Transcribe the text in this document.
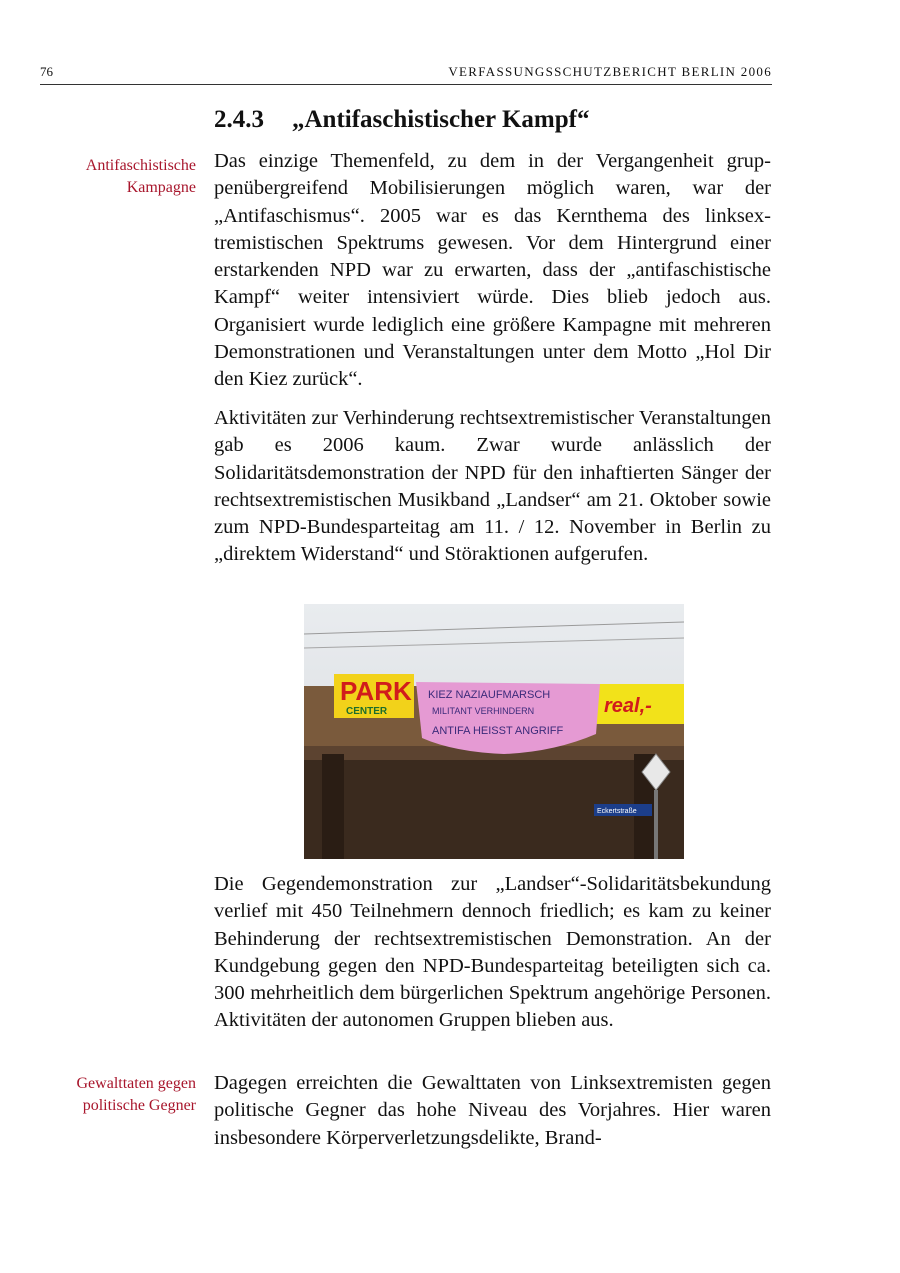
76	VERFASSUNGSSCHUTZBERICHT BERLIN 2006
2.4.3 „Antifaschistischer Kampf“
Antifaschistische
Kampagne

Das einzige Themenfeld, zu dem in der Vergangenheit gruppenübergreifend Mobilisierungen möglich waren, war der „Antifaschismus“. 2005 war es das Kernthema des linksextremistischen Spektrums gewesen. Vor dem Hintergrund einer erstarkenden NPD war zu erwarten, dass der „antifaschistische Kampf“ weiter intensiviert würde. Dies blieb jedoch aus. Organisiert wurde lediglich eine größere Kampagne mit mehreren Demonstrationen und Veranstaltungen unter dem Motto „Hol Dir den Kiez zurück“.

Aktivitäten zur Verhinderung rechtsextremistischer Veranstaltungen gab es 2006 kaum. Zwar wurde anlässlich der Solidaritätsdemonstration der NPD für den inhaftierten Sänger der rechtsextremistischen Musikband „Landser“ am 21. Oktober sowie zum NPD-Bundesparteitag am 11. / 12. November in Berlin zu „direktem Widerstand“ und Störaktionen aufgerufen.

PARK
CENTER	real,-
KIEZ NAZIAUFMARSCH
MILITANT VERHINDERN
ANTIFA HEISST ANGRIFF
Eckertstraße

Die Gegendemonstration zur „Landser“-Solidaritätsbekundung verlief mit 450 Teilnehmern dennoch friedlich; es kam zu keiner Behinderung der rechtsextremistischen Demonstration. An der Kundgebung gegen den NPD-Bundesparteitag beteiligten sich ca. 300 mehrheitlich dem bürgerlichen Spektrum angehörige Personen. Aktivitäten der autonomen Gruppen blieben aus.

Gewalttaten gegen
politische Gegner

Dagegen erreichten die Gewalttaten von Linksextremisten gegen politische Gegner das hohe Niveau des Vorjahres. Hier waren insbesondere Körperverletzungsdelikte, Brand-
